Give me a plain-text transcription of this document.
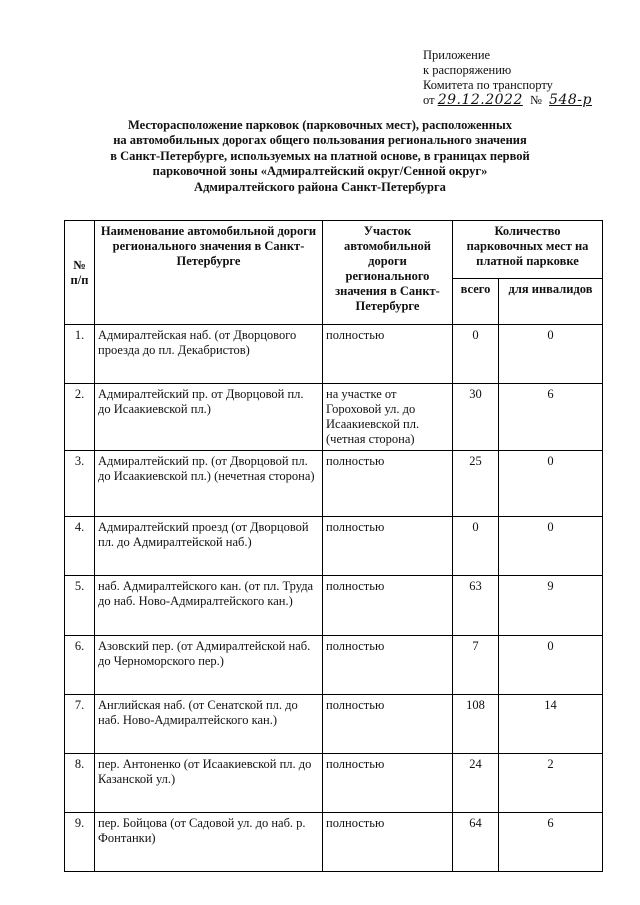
Приложение
к распоряжению
Комитета по транспорту
от 29.12.2022 № 548-р
Месторасположение парковок (парковочных мест), расположенных
на автомобильных дорогах общего пользования регионального значения
в Санкт-Петербурге, используемых на платной основе, в границах первой
парковочной зоны «Адмиралтейский округ/Сенной округ»
Адмиралтейского района Санкт-Петербурга
№ п/п	Наименование автомобильной дороги регионального значения в Санкт-Петербурге	Участок автомобильной дороги регионального значения в Санкт-Петербурге	Количество парковочных мест на платной парковке	
			всего	для инвалидов
1.	Адмиралтейская наб. (от Дворцового проезда до пл. Декабристов)	полностью	0	0
2.	Адмиралтейский пр. от Дворцовой пл. до Исаакиевской пл.)	на участке от Гороховой ул. до Исаакиевской пл. (четная сторона)	30	6
3.	Адмиралтейский пр. (от Дворцовой пл. до Исаакиевской пл.) (нечетная сторона)	полностью	25	0
4.	Адмиралтейский проезд (от Дворцовой пл. до Адмиралтейской наб.)	полностью	0	0
5.	наб. Адмиралтейского кан. (от пл. Труда до наб. Ново-Адмиралтейского кан.)	полностью	63	9
6.	Азовский пер. (от Адмиралтейской наб. до Черноморского пер.)	полностью	7	0
7.	Английская наб. (от Сенатской пл. до наб. Ново-Адмиралтейского кан.)	полностью	108	14
8.	пер. Антоненко (от Исаакиевской пл. до Казанской ул.)	полностью	24	2
9.	пер. Бойцова (от Садовой ул. до наб. р. Фонтанки)	полностью	64	6
